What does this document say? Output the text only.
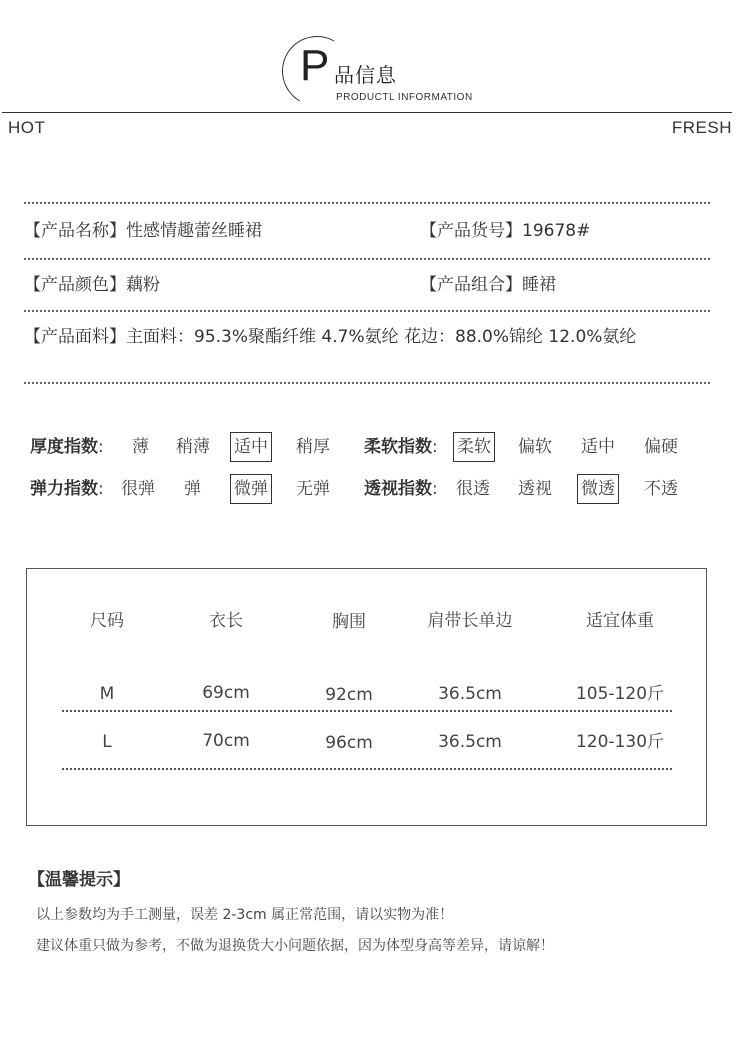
P 品信息
PRODUCTL INFORMATION
HOT	FRESH
【产品名称】性感情趣蕾丝睡裙	【产品货号】19678#
【产品颜色】藕粉	【产品组合】睡裙
【产品面料】主面料：95.3%聚酯纤维 4.7%氨纶 花边：88.0%锦纶 12.0%氨纶
厚度指数: 薄 稍薄 适中 稍厚 柔软指数: 柔软 偏软 适中 偏硬
弹力指数: 很弹 弹 微弹 无弹 透视指数: 很透 透视 微透 不透
尺码	衣长	胸围	肩带长单边	适宜体重
M	69cm	92cm	36.5cm	105-120斤
L	70cm	96cm	36.5cm	120-130斤
【温馨提示】
以上参数均为手工测量，误差 2-3cm 属正常范围，请以实物为准！
建议体重只做为参考，不做为退换货大小问题依据，因为体型身高等差异，请谅解！
